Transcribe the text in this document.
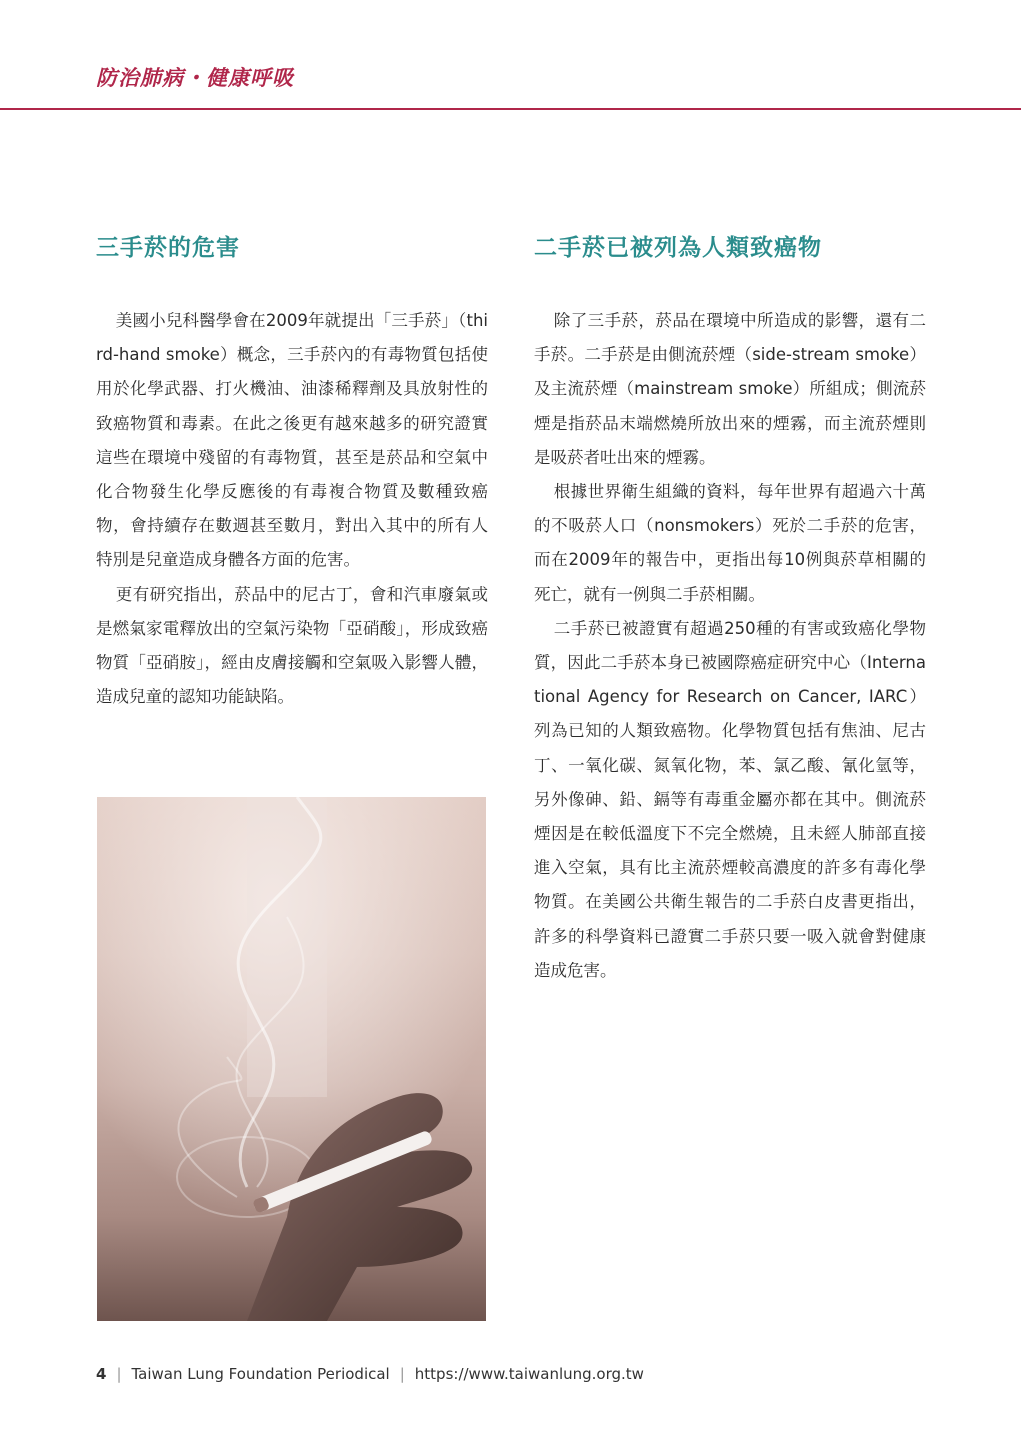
防治肺病・健康呼吸
三手菸的危害

美國小兒科醫學會在2009年就提出「三手菸」（third-hand smoke）概念，三手菸內的有毒物質包括使用於化學武器、打火機油、油漆稀釋劑及具放射性的致癌物質和毒素。在此之後更有越來越多的研究證實這些在環境中殘留的有毒物質，甚至是菸品和空氣中化合物發生化學反應後的有毒複合物質及數種致癌物，會持續存在數週甚至數月，對出入其中的所有人特別是兒童造成身體各方面的危害。

更有研究指出，菸品中的尼古丁，會和汽車廢氣或是燃氣家電釋放出的空氣污染物「亞硝酸」，形成致癌物質「亞硝胺」，經由皮膚接觸和空氣吸入影響人體，造成兒童的認知功能缺陷。

二手菸已被列為人類致癌物

除了三手菸，菸品在環境中所造成的影響，還有二手菸。二手菸是由側流菸煙（side-stream smoke）及主流菸煙（mainstream smoke）所組成；側流菸煙是指菸品末端燃燒所放出來的煙霧，而主流菸煙則是吸菸者吐出來的煙霧。

根據世界衛生組織的資料，每年世界有超過六十萬的不吸菸人口（nonsmokers）死於二手菸的危害，而在2009年的報告中，更指出每10例與菸草相關的死亡，就有一例與二手菸相關。

二手菸已被證實有超過250種的有害或致癌化學物質，因此二手菸本身已被國際癌症研究中心（International Agency for Research on Cancer, IARC）列為已知的人類致癌物。化學物質包括有焦油、尼古丁、一氧化碳、氮氧化物，苯、氯乙酸、氰化氫等，另外像砷、鉛、鎘等有毒重金屬亦都在其中。側流菸煙因是在較低溫度下不完全燃燒，且未經人肺部直接進入空氣，具有比主流菸煙較高濃度的許多有毒化學物質。在美國公共衛生報告的二手菸白皮書更指出，許多的科學資料已證實二手菸只要一吸入就會對健康造成危害。

4 | Taiwan Lung Foundation Periodical | https://www.taiwanlung.org.tw
